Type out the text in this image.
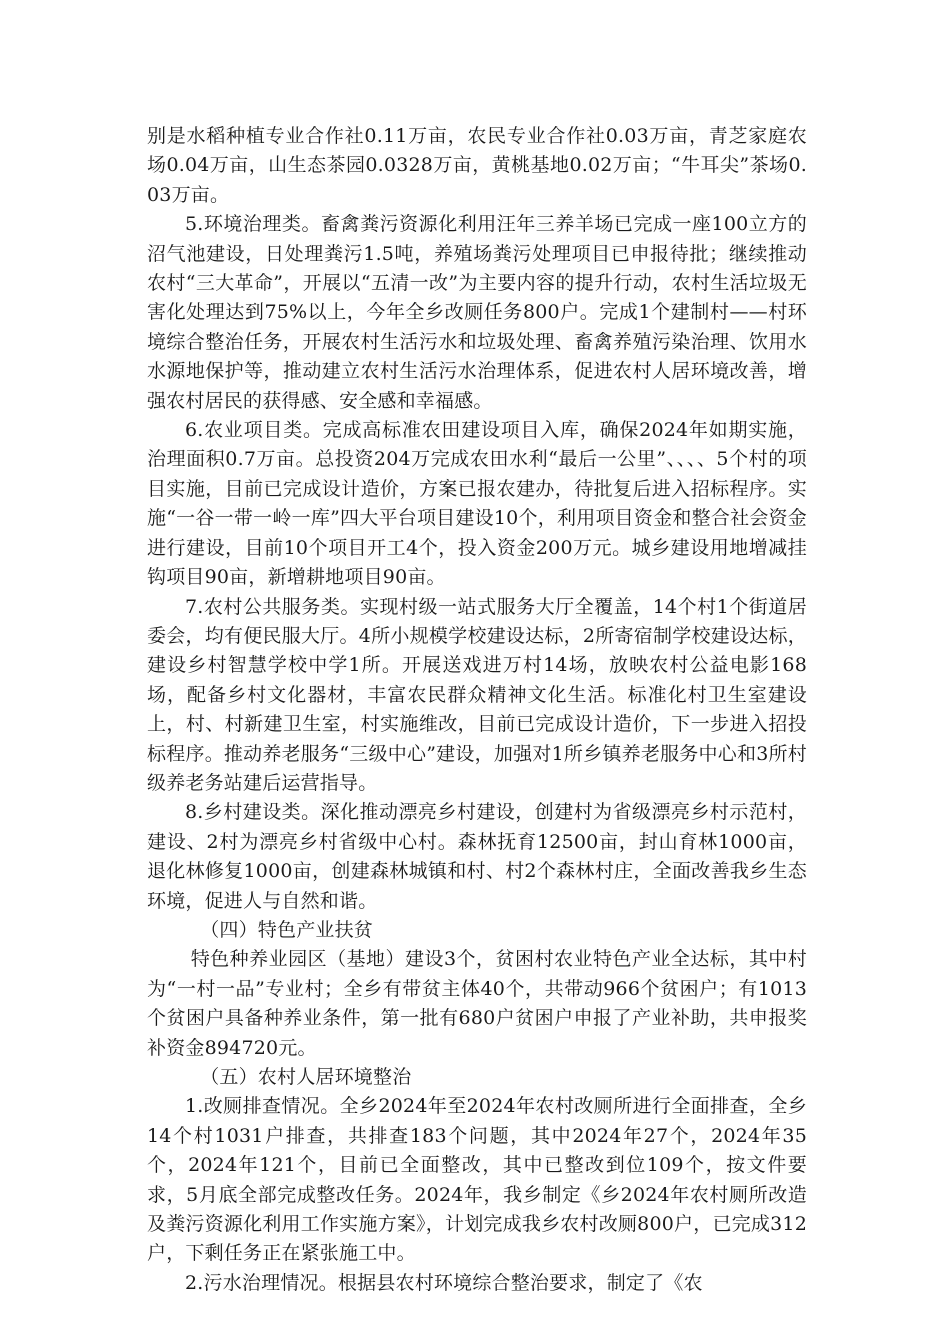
别是水稻种植专业合作社0.11万亩，农民专业合作社0.03万亩，青芝家庭农场0.04万亩，山生态茶园0.0328万亩，黄桃基地0.02万亩；“牛耳尖”茶场0.03万亩。

5.环境治理类。畜禽粪污资源化利用汪年三养羊场已完成一座100立方的沼气池建设，日处理粪污1.5吨，养殖场粪污处理项目已申报待批；继续推动农村“三大革命”，开展以“五清一改”为主要内容的提升行动，农村生活垃圾无害化处理达到75%以上，今年全乡改厕任务800户。完成1个建制村——村环境综合整治任务，开展农村生活污水和垃圾处理、畜禽养殖污染治理、饮用水水源地保护等，推动建立农村生活污水治理体系，促进农村人居环境改善，增强农村居民的获得感、安全感和幸福感。

6.农业项目类。完成高标准农田建设项目入库，确保2024年如期实施，治理面积0.7万亩。总投资204万完成农田水利“最后一公里”、、、、5个村的项目实施，目前已完成设计造价，方案已报农建办，待批复后进入招标程序。实施“一谷一带一岭一库”四大平台项目建设10个，利用项目资金和整合社会资金进行建设，目前10个项目开工4个，投入资金200万元。城乡建设用地增减挂钩项目90亩，新增耕地项目90亩。

7.农村公共服务类。实现村级一站式服务大厅全覆盖，14个村1个街道居委会，均有便民服大厅。4所小规模学校建设达标，2所寄宿制学校建设达标，建设乡村智慧学校中学1所。开展送戏进万村14场，放映农村公益电影168场，配备乡村文化器材，丰富农民群众精神文化生活。标准化村卫生室建设上，村、村新建卫生室，村实施维改，目前已完成设计造价，下一步进入招投标程序。推动养老服务“三级中心”建设，加强对1所乡镇养老服务中心和3所村级养老务站建后运营指导。

8.乡村建设类。深化推动漂亮乡村建设，创建村为省级漂亮乡村示范村，建设、2村为漂亮乡村省级中心村。森林抚育12500亩，封山育林1000亩，退化林修复1000亩，创建森林城镇和村、村2个森林村庄，全面改善我乡生态环境，促进人与自然和谐。

（四）特色产业扶贫

特色种养业园区（基地）建设3个，贫困村农业特色产业全达标，其中村为“一村一品”专业村；全乡有带贫主体40个，共带动966个贫困户；有1013个贫困户具备种养业条件，第一批有680户贫困户申报了产业补助，共申报奖补资金894720元。

（五）农村人居环境整治

1.改厕排查情况。全乡2024年至2024年农村改厕所进行全面排查，全乡14个村1031户排查，共排查183个问题，其中2024年27个，2024年35个，2024年121个，目前已全面整改，其中已整改到位109个，按文件要求，5月底全部完成整改任务。2024年，我乡制定《乡2024年农村厕所改造及粪污资源化利用工作实施方案》，计划完成我乡农村改厕800户，已完成312户，下剩任务正在紧张施工中。

2.污水治理情况。根据县农村环境综合整治要求，制定了《农
